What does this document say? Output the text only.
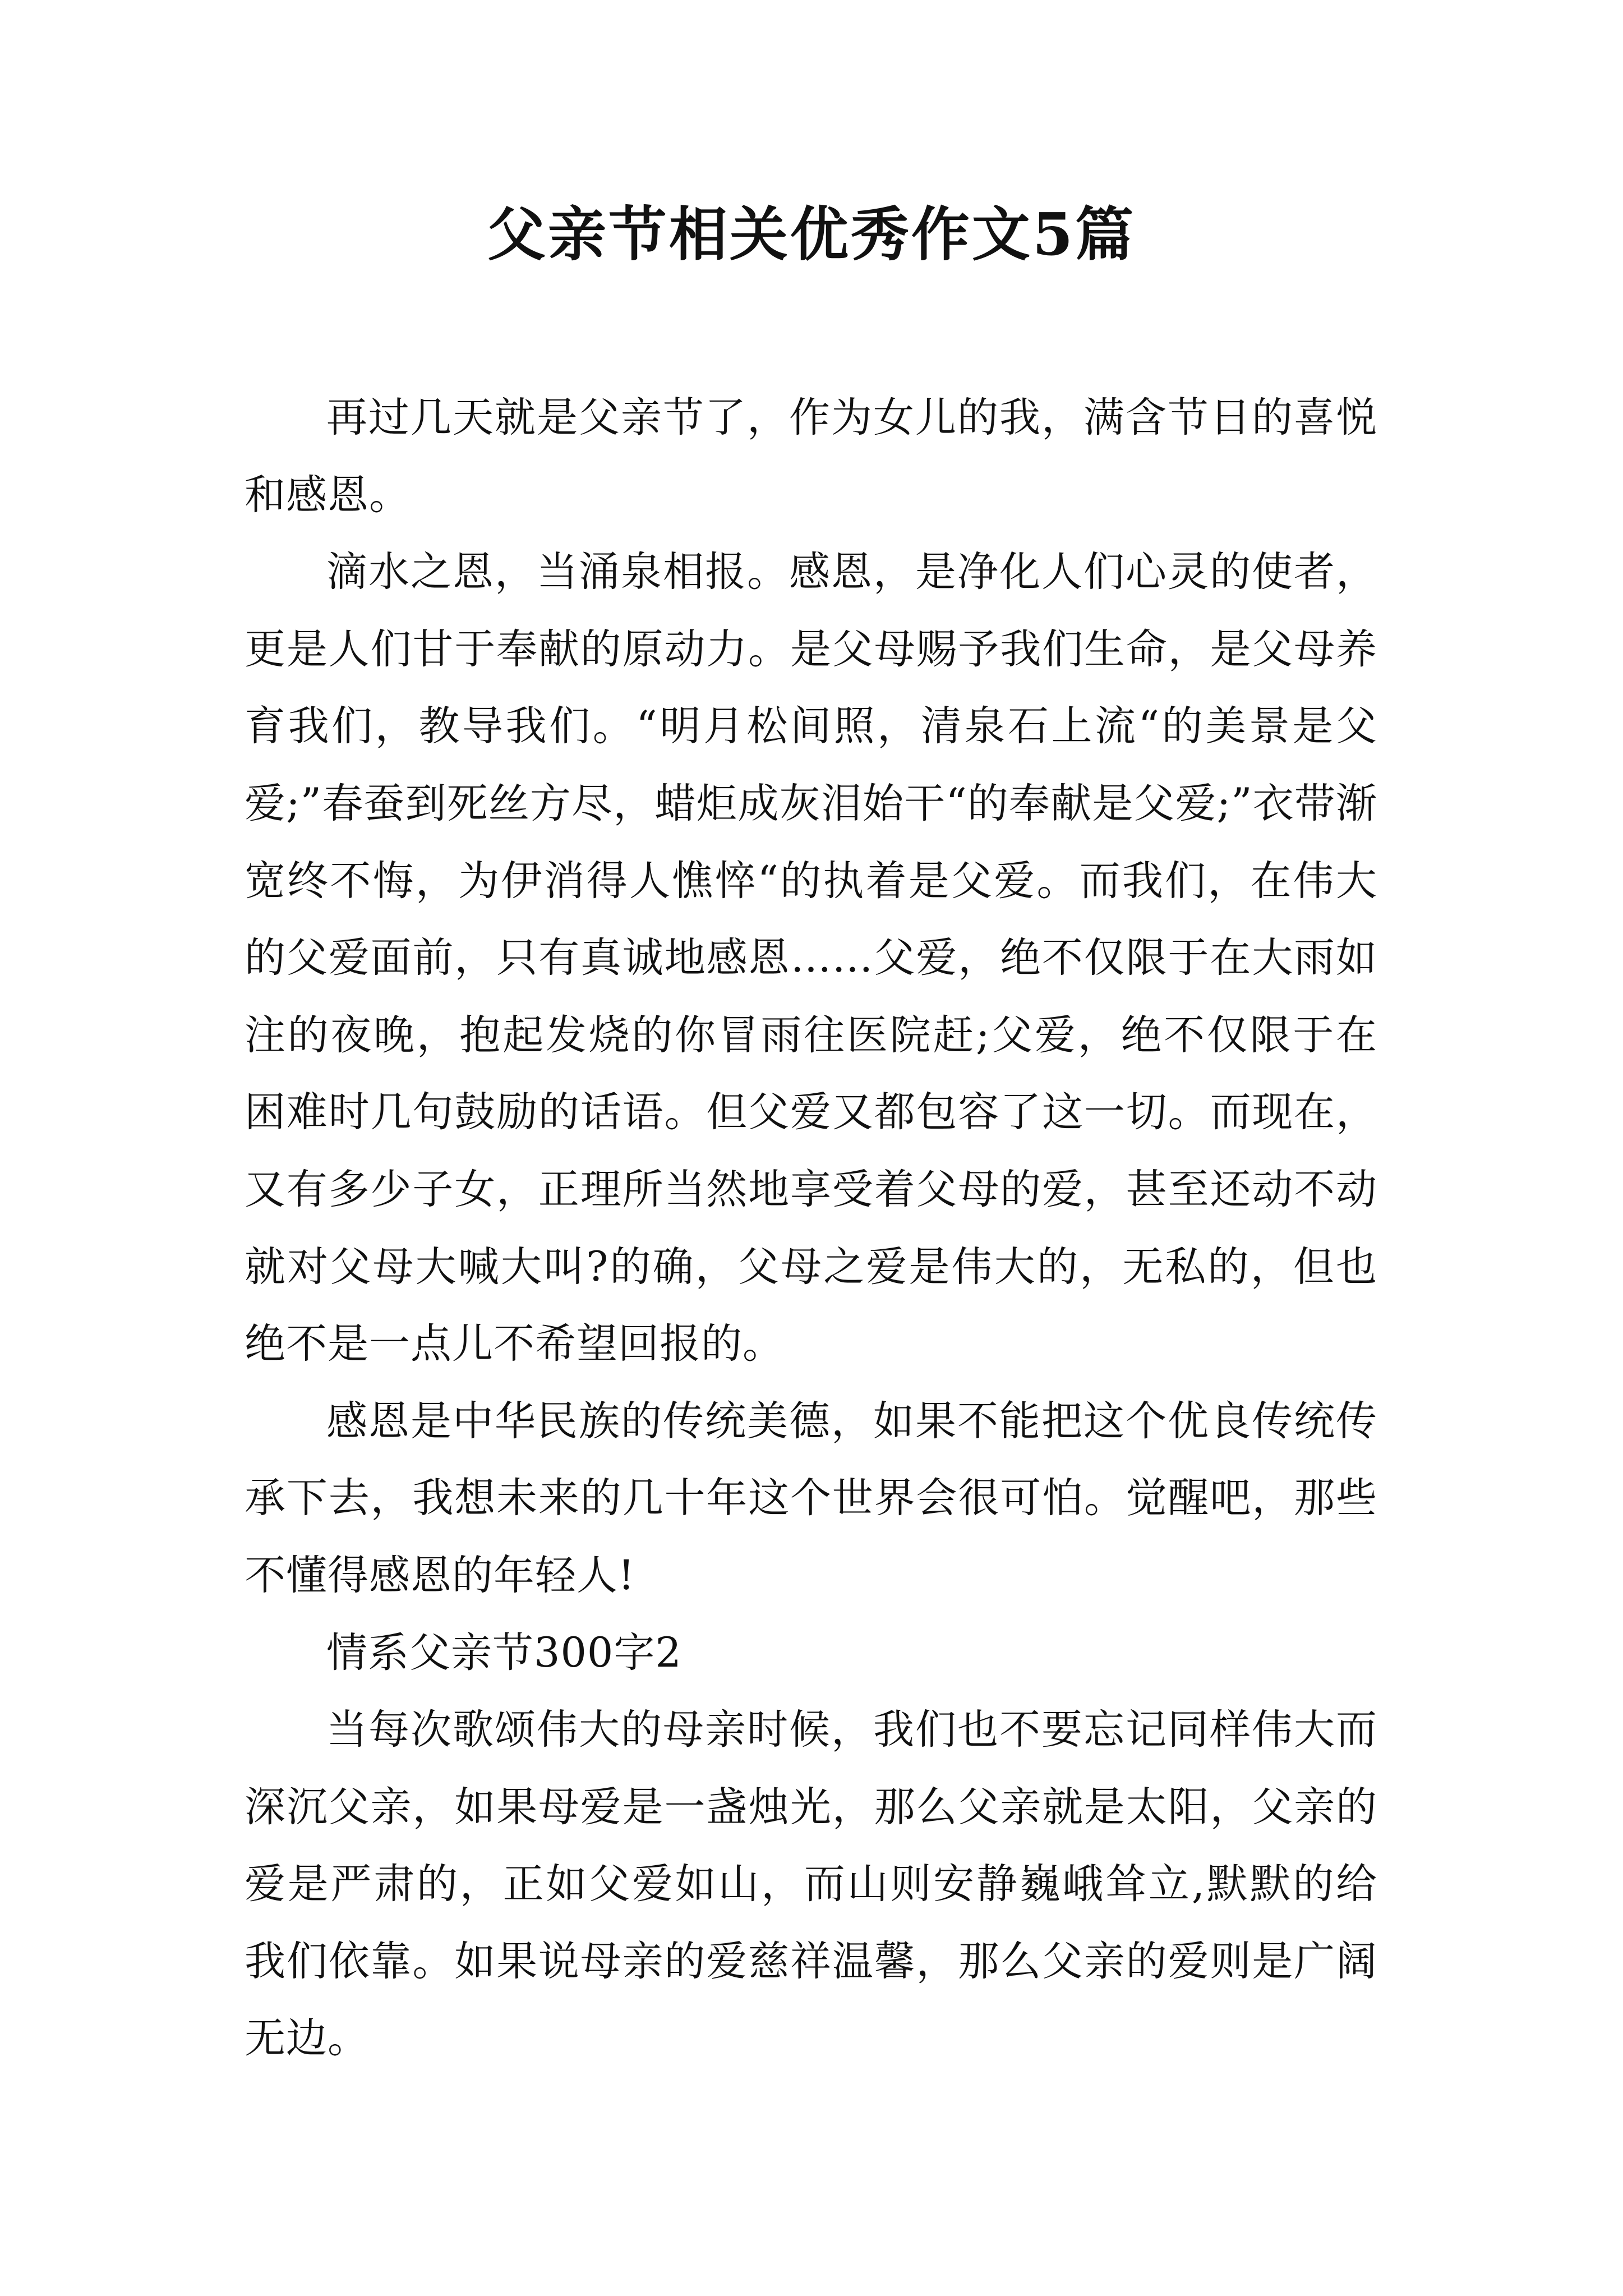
父亲节相关优秀作文5篇

再过几天就是父亲节了，作为女儿的我，满含节日的喜悦和感恩。

滴水之恩，当涌泉相报。感恩，是净化人们心灵的使者，更是人们甘于奉献的原动力。是父母赐予我们生命，是父母养育我们，教导我们。“明月松间照，清泉石上流“的美景是父爱;”春蚕到死丝方尽，蜡炬成灰泪始干“的奉献是父爱;”衣带渐宽终不悔，为伊消得人憔悴“的执着是父爱。而我们，在伟大的父爱面前，只有真诚地感恩……父爱，绝不仅限于在大雨如注的夜晚，抱起发烧的你冒雨往医院赶;父爱，绝不仅限于在困难时几句鼓励的话语。但父爱又都包容了这一切。而现在，又有多少子女，正理所当然地享受着父母的爱，甚至还动不动就对父母大喊大叫?的确，父母之爱是伟大的，无私的，但也绝不是一点儿不希望回报的。

感恩是中华民族的传统美德，如果不能把这个优良传统传承下去，我想未来的几十年这个世界会很可怕。觉醒吧，那些不懂得感恩的年轻人!

情系父亲节300字2

当每次歌颂伟大的母亲时候，我们也不要忘记同样伟大而深沉父亲，如果母爱是一盏烛光，那么父亲就是太阳，父亲的爱是严肃的，正如父爱如山，而山则安静巍峨耸立,默默的给我们依靠。如果说母亲的爱慈祥温馨，那么父亲的爱则是广阔无边。
